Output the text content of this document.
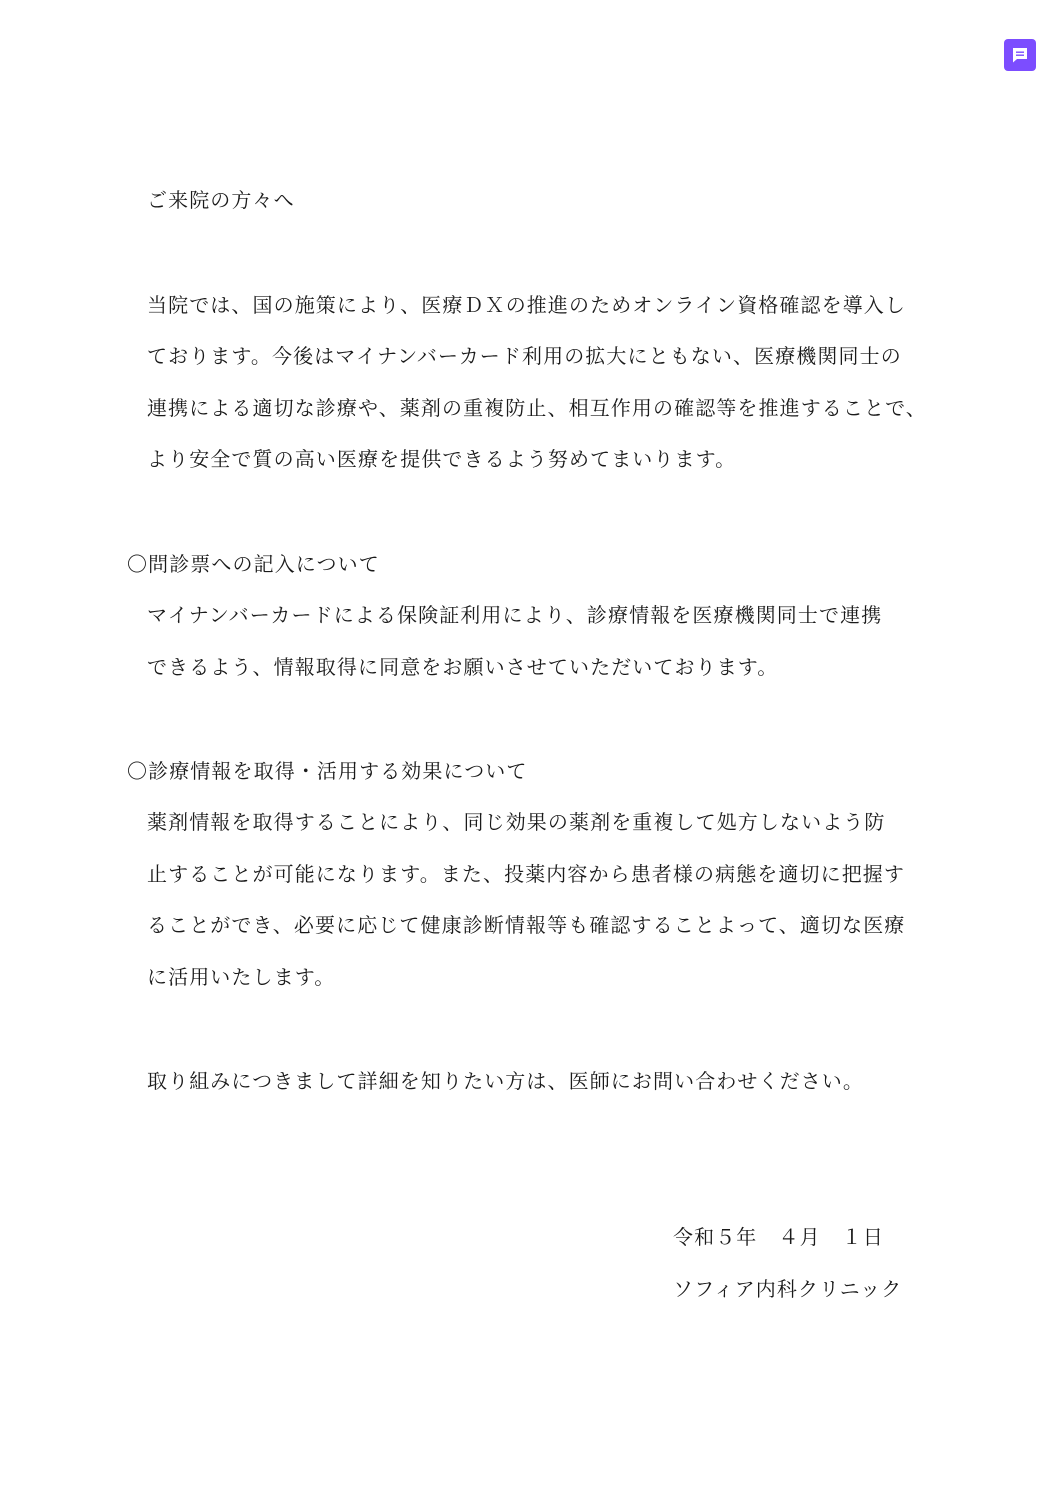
ご来院の方々へ
当院では、国の施策により、医療ＤＸの推進のためオンライン資格確認を導入し
ております。今後はマイナンバーカード利用の拡大にともない、医療機関同士の
連携による適切な診療や、薬剤の重複防止、相互作用の確認等を推進することで、
より安全で質の高い医療を提供できるよう努めてまいります。
〇問診票への記入について
マイナンバーカードによる保険証利用により、診療情報を医療機関同士で連携
できるよう、情報取得に同意をお願いさせていただいております。
〇診療情報を取得・活用する効果について
薬剤情報を取得することにより、同じ効果の薬剤を重複して処方しないよう防
止することが可能になります。また、投薬内容から患者様の病態を適切に把握す
ることができ、必要に応じて健康診断情報等も確認することよって、適切な医療
に活用いたします。
取り組みにつきまして詳細を知りたい方は、医師にお問い合わせください。
令和５年　４月　１日
ソフィア内科クリニック
